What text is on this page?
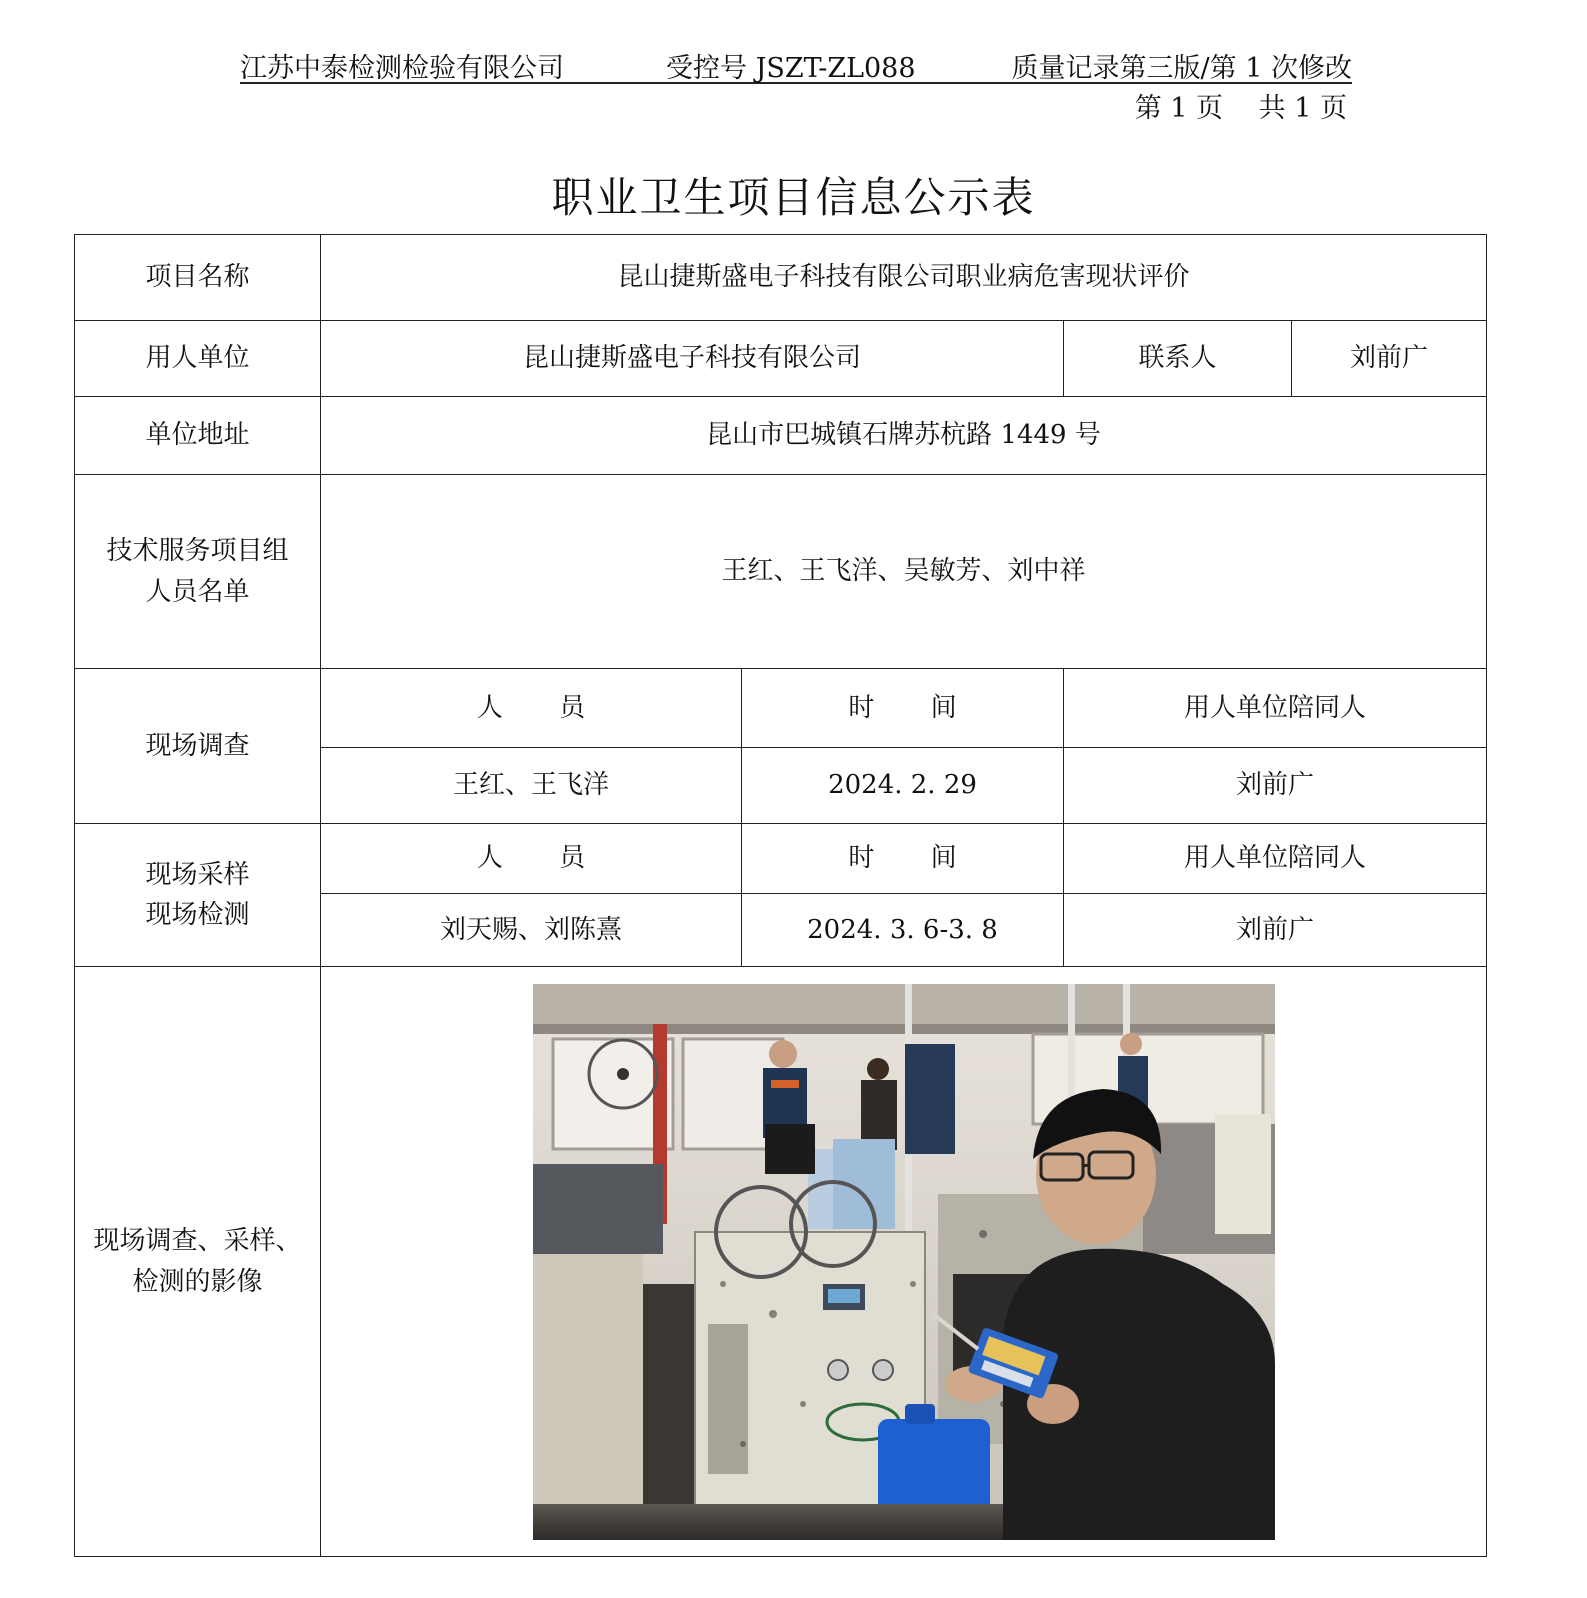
江苏中泰检测检验有限公司	受控号 JSZT-ZL088	质量记录第三版/第 1 次修改
第 1 页　 共 1 页
职业卫生项目信息公示表
项目名称	昆山捷斯盛电子科技有限公司职业病危害现状评价			
用人单位	昆山捷斯盛电子科技有限公司		联系人	刘前广
单位地址	昆山市巴城镇石牌苏杭路 1449 号			

技术服务项目组
人员名单	王红、王飞洋、吴敏芳、刘中祥			
现场调查	人 员	时 间	用人单位陪同人	
	王红、王飞洋	2024. 2. 29	刘前广	

现场采样
现场检测	人 员	时 间	用人单位陪同人	
	刘天赐、刘陈熹	2024. 3. 6-3. 8	刘前广	

现场调查、采样、
检测的影像
